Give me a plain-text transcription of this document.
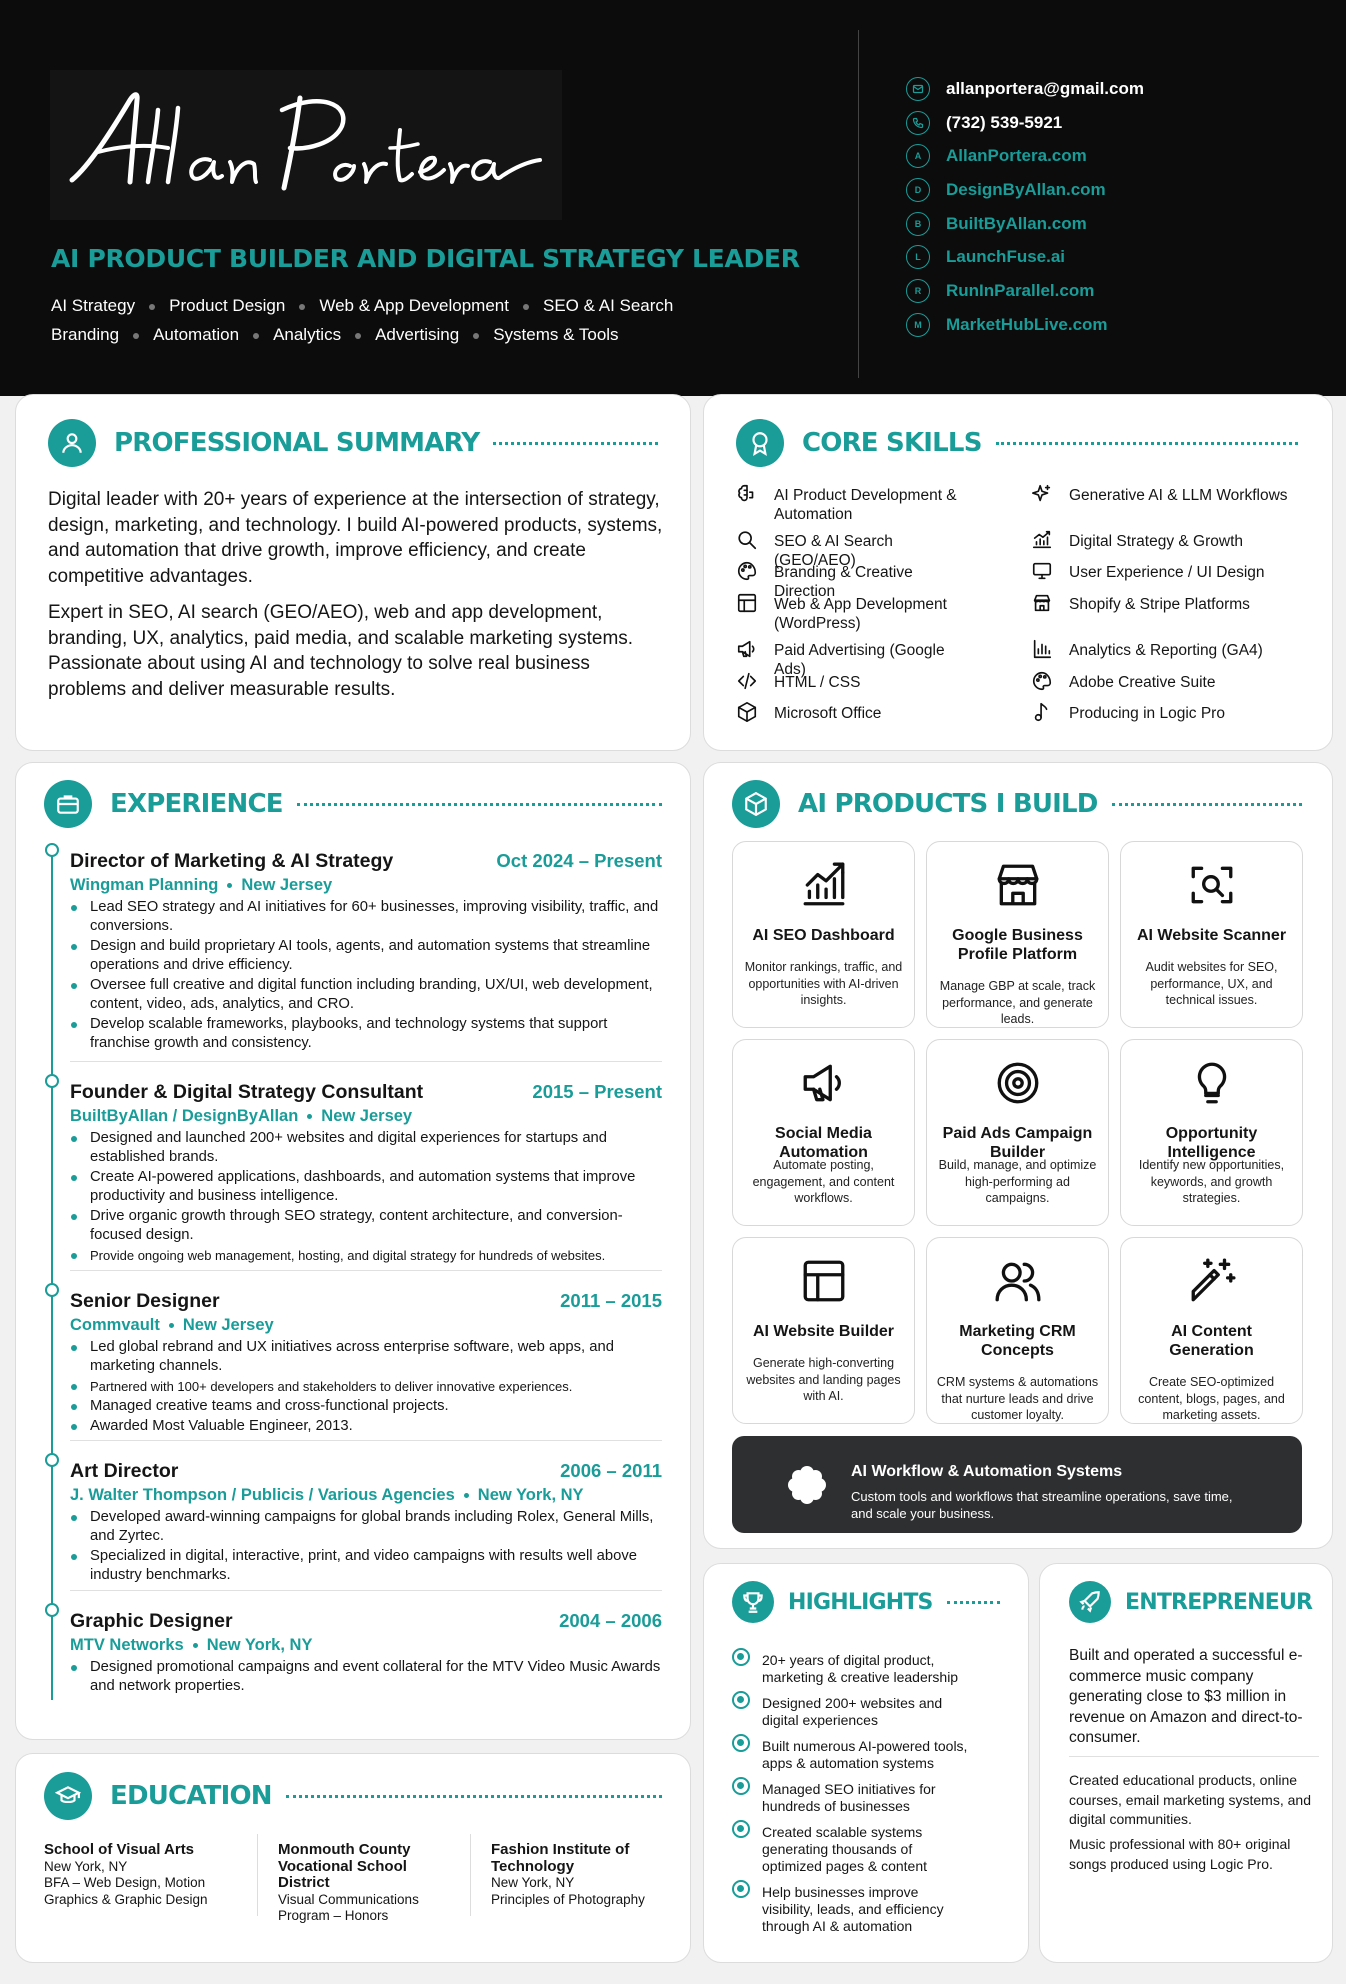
AI PRODUCT BUILDER AND DIGITAL STRATEGY LEADER
AI Strategy Product Design Web & App Development SEO & AI Search
Branding Automation Analytics Advertising Systems & Tools
allanportera@gmail.com
(732) 539-5921
A AllanPortera.com
D DesignByAllan.com
B BuiltByAllan.com
L LaunchFuse.ai
R RunInParallel.com
M MarketHubLive.com
PROFESSIONAL SUMMARY
Digital leader with 20+ years of experience at the intersection of strategy, design, marketing, and technology. I build AI-powered products, systems, and automation that drive growth, improve efficiency, and create competitive advantages.
Expert in SEO, AI search (GEO/AEO), web and app development, branding, UX, analytics, paid media, and scalable marketing systems. Passionate about using AI and technology to solve real business problems and deliver measurable results.
CORE SKILLS
AI Product Development & Automation
SEO & AI Search (GEO/AEO)
Branding & Creative Direction
Web & App Development (WordPress)
Paid Advertising (Google Ads)
HTML / CSS
Microsoft Office
Generative AI & LLM Workflows
Digital Strategy & Growth
User Experience / UI Design
Shopify & Stripe Platforms
Analytics & Reporting (GA4)
Adobe Creative Suite
Producing in Logic Pro
EXPERIENCE
Director of Marketing & AI Strategy	Oct 2024 – Present
Wingman Planning New Jersey
Lead SEO strategy and AI initiatives for 60+ businesses, improving visibility, traffic, and conversions.
Design and build proprietary AI tools, agents, and automation systems that streamline operations and drive efficiency.
Oversee full creative and digital function including branding, UX/UI, web development, content, video, ads, analytics, and CRO.
Develop scalable frameworks, playbooks, and technology systems that support franchise growth and consistency.
Founder & Digital Strategy Consultant	2015 – Present
BuiltByAllan / DesignByAllan New Jersey
Designed and launched 200+ websites and digital experiences for startups and established brands.
Create AI-powered applications, dashboards, and automation systems that improve productivity and business intelligence.
Drive organic growth through SEO strategy, content architecture, and conversion-focused design.
Provide ongoing web management, hosting, and digital strategy for hundreds of websites.
Senior Designer	2011 – 2015
Commvault New Jersey
Led global rebrand and UX initiatives across enterprise software, web apps, and marketing channels.
Partnered with 100+ developers and stakeholders to deliver innovative experiences.
Managed creative teams and cross-functional projects.
Awarded Most Valuable Engineer, 2013.
Art Director	2006 – 2011
J. Walter Thompson / Publicis / Various Agencies New York, NY
Developed award-winning campaigns for global brands including Rolex, General Mills, and Zyrtec.
Specialized in digital, interactive, print, and video campaigns with results well above industry benchmarks.
Graphic Designer	2004 – 2006
MTV Networks New York, NY
Designed promotional campaigns and event collateral for the MTV Video Music Awards and network properties.
AI PRODUCTS I BUILD
AI SEO Dashboard
Monitor rankings, traffic, and opportunities with AI-driven insights.
Google Business Profile Platform
Manage GBP at scale, track performance, and generate leads.
AI Website Scanner
Audit websites for SEO, performance, UX, and technical issues.
Social Media Automation
Automate posting, engagement, and content workflows.
Paid Ads Campaign Builder
Build, manage, and optimize high-performing ad campaigns.
Opportunity Intelligence
Identify new opportunities, keywords, and growth strategies.
AI Website Builder
Generate high-converting websites and landing pages with AI.
Marketing CRM Concepts
CRM systems & automations that nurture leads and drive customer loyalty.
AI Content Generation
Create SEO-optimized content, blogs, pages, and marketing assets.
AI Workflow & Automation Systems
Custom tools and workflows that streamline operations, save time, and scale your business.
HIGHLIGHTS
20+ years of digital product, marketing & creative leadership
Designed 200+ websites and digital experiences
Built numerous AI-powered tools, apps & automation systems
Managed SEO initiatives for hundreds of businesses
Created scalable systems generating thousands of optimized pages & content
Help businesses improve visibility, leads, and efficiency through AI & automation
ENTREPRENEUR
Built and operated a successful e-commerce music company generating close to $3 million in revenue on Amazon and direct-to-consumer.
Created educational products, online courses, email marketing systems, and digital communities.
Music professional with 80+ original songs produced using Logic Pro.
EDUCATION
School of Visual Arts
New York, NY
BFA – Web Design, Motion Graphics & Graphic Design
Monmouth County Vocational School District
Visual Communications Program – Honors
Fashion Institute of Technology
New York, NY
Principles of Photography
